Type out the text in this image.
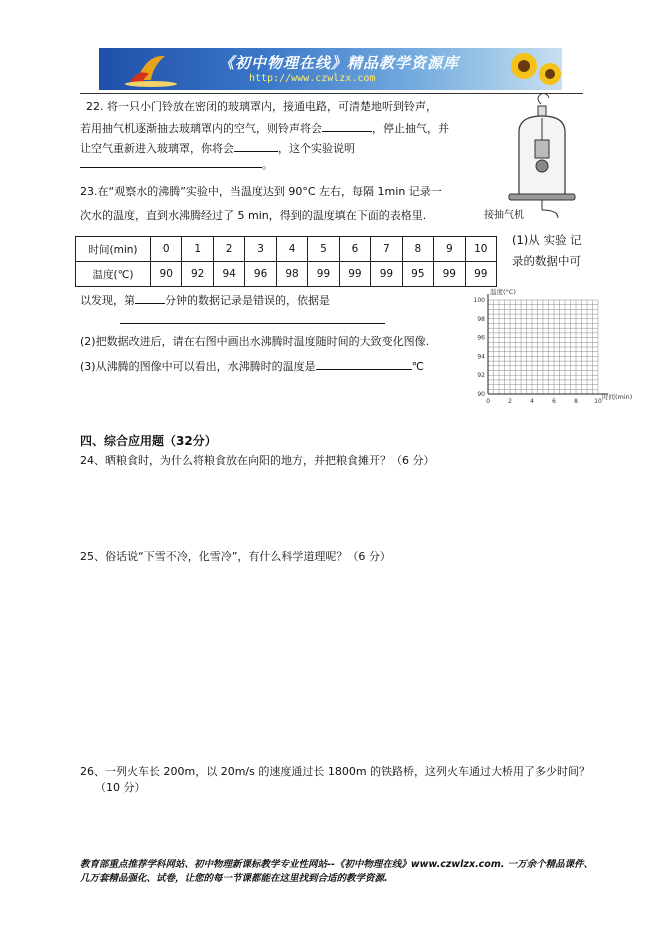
《初中物理在线》精品教学资源库
http://www.czwlzx.com
22. 将一只小门铃放在密闭的玻璃罩内，接通电路，可清楚地听到铃声，
若用抽气机逐渐抽去玻璃罩内的空气，则铃声将会	，停止抽气，并
让空气重新进入玻璃罩，你将会	，这个实验说明
。
接抽气机
23.在“观察水的沸腾”实验中，当温度达到 90°C 左右，每隔 1min 记录一
次水的温度，直到水沸腾经过了 5 min，得到的温度填在下面的表格里.
时间(min)	0	1	2	3	4	5	6	7	8	9	10
温度(℃)	90	92	94	96	98	99	99	99	95	99	99
(1)从 实验 记
录的数据中可
以发现，第	分钟的数据记录是错误的，依据是
(2)把数据改进后，请在右图中画出水沸腾时温度随时间的大致变化图像.
(3)从沸腾的图像中可以看出，水沸腾时的温度是	℃
0	2	4	6	8	10
90
92
94
96
98
100
温度(°C)
时间(min)
四、综合应用题（32分）
24、晒粮食时，为什么将粮食放在向阳的地方，并把粮食摊开？（6 分）
25、俗话说“下雪不冷，化雪冷”，有什么科学道理呢？（6 分）
26、一列火车长 200m，以 20m/s 的速度通过长 1800m 的铁路桥，这列火车通过大桥用了多少时间？
（10 分）
教育部重点推荐学科网站、初中物理新课标教学专业性网站--《初中物理在线》www.czwlzx.com. 一万余个精品课件、
几万套精品强化、试卷，让您的每一节课都能在这里找到合适的教学资源.
